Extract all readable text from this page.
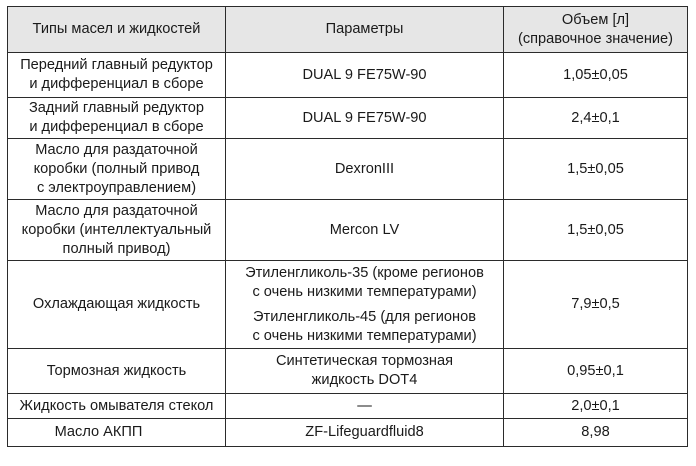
Типы масел и жидкостей	Параметры	Объем [л]
(справочное значение)

Передний главный редуктор
и дифференциал в сборе	DUAL 9 FE75W-90	1,05±0,05

Задний главный редуктор
и дифференциал в сборе	DUAL 9 FE75W-90	2,4±0,1

Масло для раздаточной
коробки (полный привод
с электроуправлением)	DexronIII	1,5±0,05

Масло для раздаточной
коробки (интеллектуальный
полный привод)	Mercon LV	1,5±0,05

Охлаждающая жидкость	Этиленгликоль-35 (кроме регионов
с очень низкими температурами)
Этиленгликоль-45 (для регионов
с очень низкими температурами)	7,9±0,5

Тормозная жидкость	Синтетическая тормозная
жидкость DOT4	0,95±0,1

Жидкость омывателя стекол	—	2,0±0,1

Масло АКПП	ZF-Lifeguardfluid8	8,98
